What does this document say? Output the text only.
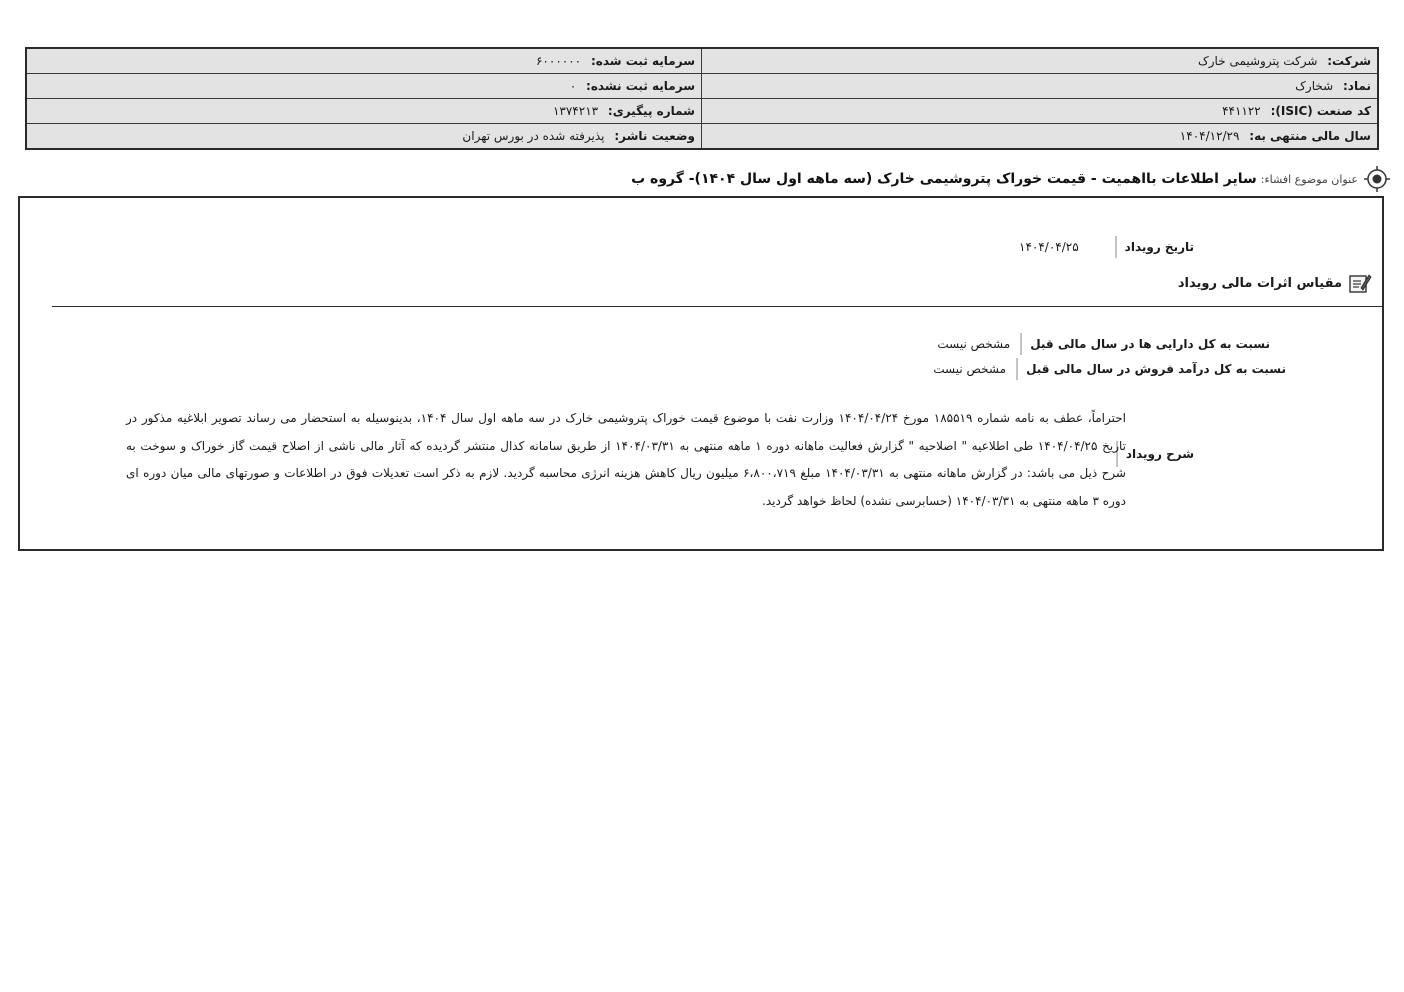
شرکت: شرکت پتروشیمی خارک	سرمایه ثبت شده: ۶۰۰۰۰۰۰
نماد: شخارک	سرمایه ثبت نشده: ۰
کد صنعت (ISIC): ۴۴۱۱۲۲	شماره پیگیری: ۱۳۷۴۲۱۳
سال مالی منتهی به: ۱۴۰۴/۱۲/۲۹	وضعیت ناشر: پذیرفته شده در بورس تهران
عنوان موضوع افشاء:
سایر اطلاعات بااهمیت - قیمت خوراک پتروشیمی خارک (سه ماهه اول سال ۱۴۰۴)- گروه ب
تاریخ رویداد
۱۴۰۴/۰۴/۲۵
مقیاس اثرات مالی رویداد
نسبت به کل دارایی ها در سال مالی قبل
مشخص نیست
نسبت به کل درآمد فروش در سال مالی قبل
مشخص نیست
شرح رویداد
احتراماً، عطف به نامه شماره ۱۸۵۵۱۹ مورخ ۱۴۰۴/۰۴/۲۴ وزارت نفت با موضوع قیمت خوراک پتروشیمی خارک در سه ماهه اول سال ۱۴۰۴، بدینوسیله به استحضار می رساند تصویر ابلاغیه مذکور در تاریخ ۱۴۰۴/۰۴/۲۵ طی اطلاعیه " اصلاحیه " گزارش فعالیت ماهانه دوره ۱ ماهه منتهی به ۱۴۰۴/۰۳/۳۱ از طریق سامانه کدال منتشر گردیده که آثار مالی ناشی از اصلاح قیمت گاز خوراک و سوخت به شرح ذیل می باشد: در گزارش ماهانه منتهی به ۱۴۰۴/۰۳/۳۱ مبلغ ۶،۸۰۰،۷۱۹ میلیون ریال کاهش هزینه انرژی محاسبه گردید. لازم به ذکر است تعدیلات فوق در اطلاعات و صورتهای مالی میان دوره ای دوره ۳ ماهه منتهی به ۱۴۰۴/۰۳/۳۱ (حسابرسی نشده) لحاظ خواهد گردید.
